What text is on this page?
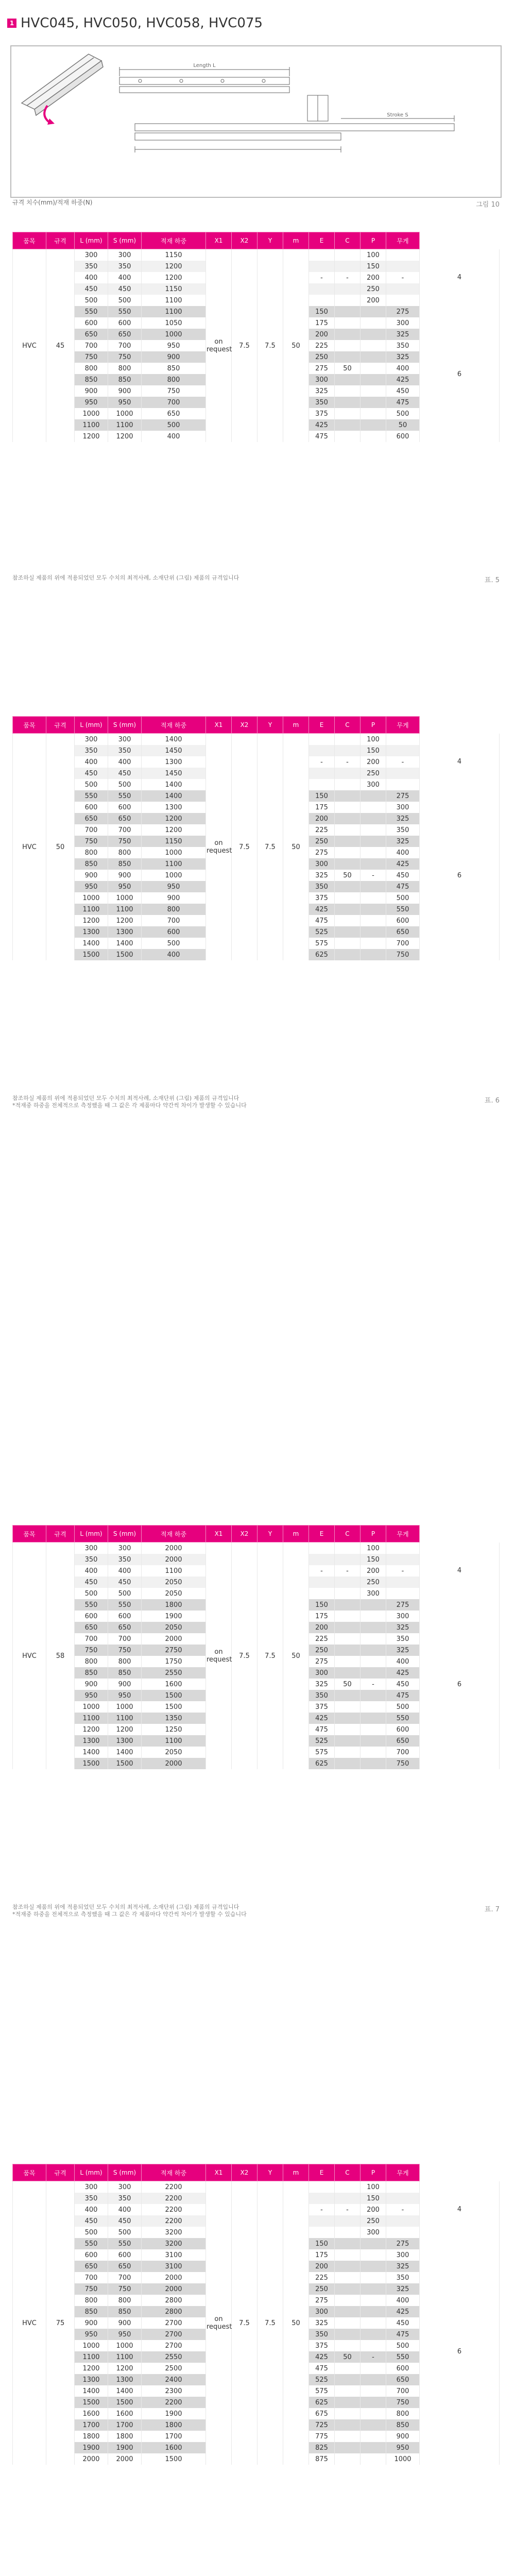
1 HVC045, HVC050, HVC058, HVC075
Length L
Stroke S
규격 치수(mm)/적재 하중(N)	그림 10
품목	규격	L (mm)	S (mm)	적재 하중	X1	X2	Y	m	E	C	P	무게	
HVC	45	300	300	1150	on request	7.5	7.5	50			100		4
		350	350	1200							150		
		400	400	1200					-	-	200	-	
		450	450	1150							250		
		500	500	1100							200		
		550	550	1100					150			275	6
		600	600	1050					175			300	
		650	650	1000					200			325	
		700	700	950					225			350	
		750	750	900					250			325	
		800	800	850					275	50		400	
		850	850	800					300			425	
		900	900	750					325			450	
		950	950	700					350			475	
		1000	1000	650					375			500	
		1100	1100	500					425			50	
		1200	1200	400					475			600	
참조하실 제품의 위에 적용되었던 모두 수치의 최적사례, 소재단위 (그림) 제품의 규격입니다	표. 5
품목	규격	L (mm)	S (mm)	적재 하중	X1	X2	Y	m	E	C	P	무게	
HVC	50	300	300	1400	on request	7.5	7.5	50			100		4
		350	350	1450							150		
		400	400	1300					-	-	200	-	
		450	450	1450							250		
		500	500	1400							300		
		550	550	1400					150			275	6
		600	600	1300					175			300	
		650	650	1200					200			325	
		700	700	1200					225			350	
		750	750	1150					250			325	
		800	800	1000					275			400	
		850	850	1100					300			425	
		900	900	1000					325	50	-	450	
		950	950	950					350			475	
		1000	1000	900					375			500	
		1100	1100	800					425			550	
		1200	1200	700					475			600	
		1300	1300	600					525			650	
		1400	1400	500					575			700	
		1500	1500	400					625			750	
참조하실 제품의 위에 적용되었던 모두 수치의 최적사례, 소재단위 (그림) 제품의 규격입니다
*적재중 하중을 전체적으로 측정했을 때 그 값은 각 제품마다 약간씩 차이가 발생할 수 있습니다
표. 6
품목	규격	L (mm)	S (mm)	적재 하중	X1	X2	Y	m	E	C	P	무게	
HVC	58	300	300	2000	on request	7.5	7.5	50			100		4
		350	350	2000							150		
		400	400	1100					-	-	200	-	
		450	450	2050							250		
		500	500	2050							300		
		550	550	1800					150			275	6
		600	600	1900					175			300	
		650	650	2050					200			325	
		700	700	2000					225			350	
		750	750	2750					250			325	
		800	800	1750					275			400	
		850	850	2550					300			425	
		900	900	1600					325	50	-	450	
		950	950	1500					350			475	
		1000	1000	1500					375			500	
		1100	1100	1350					425			550	
		1200	1200	1250					475			600	
		1300	1300	1100					525			650	
		1400	1400	2050					575			700	
		1500	1500	2000					625			750	
참조하실 제품의 위에 적용되었던 모두 수치의 최적사례, 소재단위 (그림) 제품의 규격입니다
*적재중 하중을 전체적으로 측정했을 때 그 값은 각 제품마다 약간씩 차이가 발생할 수 있습니다
표. 7
품목	규격	L (mm)	S (mm)	적재 하중	X1	X2	Y	m	E	C	P	무게	
HVC	75	300	300	2200	on request	7.5	7.5	50			100		4
		350	350	2200							150		
		400	400	2200					-	-	200	-	
		450	450	2200							250		
		500	500	3200							300		
		550	550	3200					150			275	6
		600	600	3100					175			300	
		650	650	3100					200			325	
		700	700	2000					225			350	
		750	750	2000					250			325	
		800	800	2800					275			400	
		850	850	2800					300			425	
		900	900	2700					325			450	
		950	950	2700					350			475	
		1000	1000	2700					375			500	
		1100	1100	2550					425	50	-	550	
		1200	1200	2500					475			600	
		1300	1300	2400					525			650	
		1400	1400	2300					575			700	
		1500	1500	2200					625			750	
		1600	1600	1900					675			800	
		1700	1700	1800					725			850	
		1800	1800	1700					775			900	
		1900	1900	1600					825			950	
		2000	2000	1500					875			1000	
